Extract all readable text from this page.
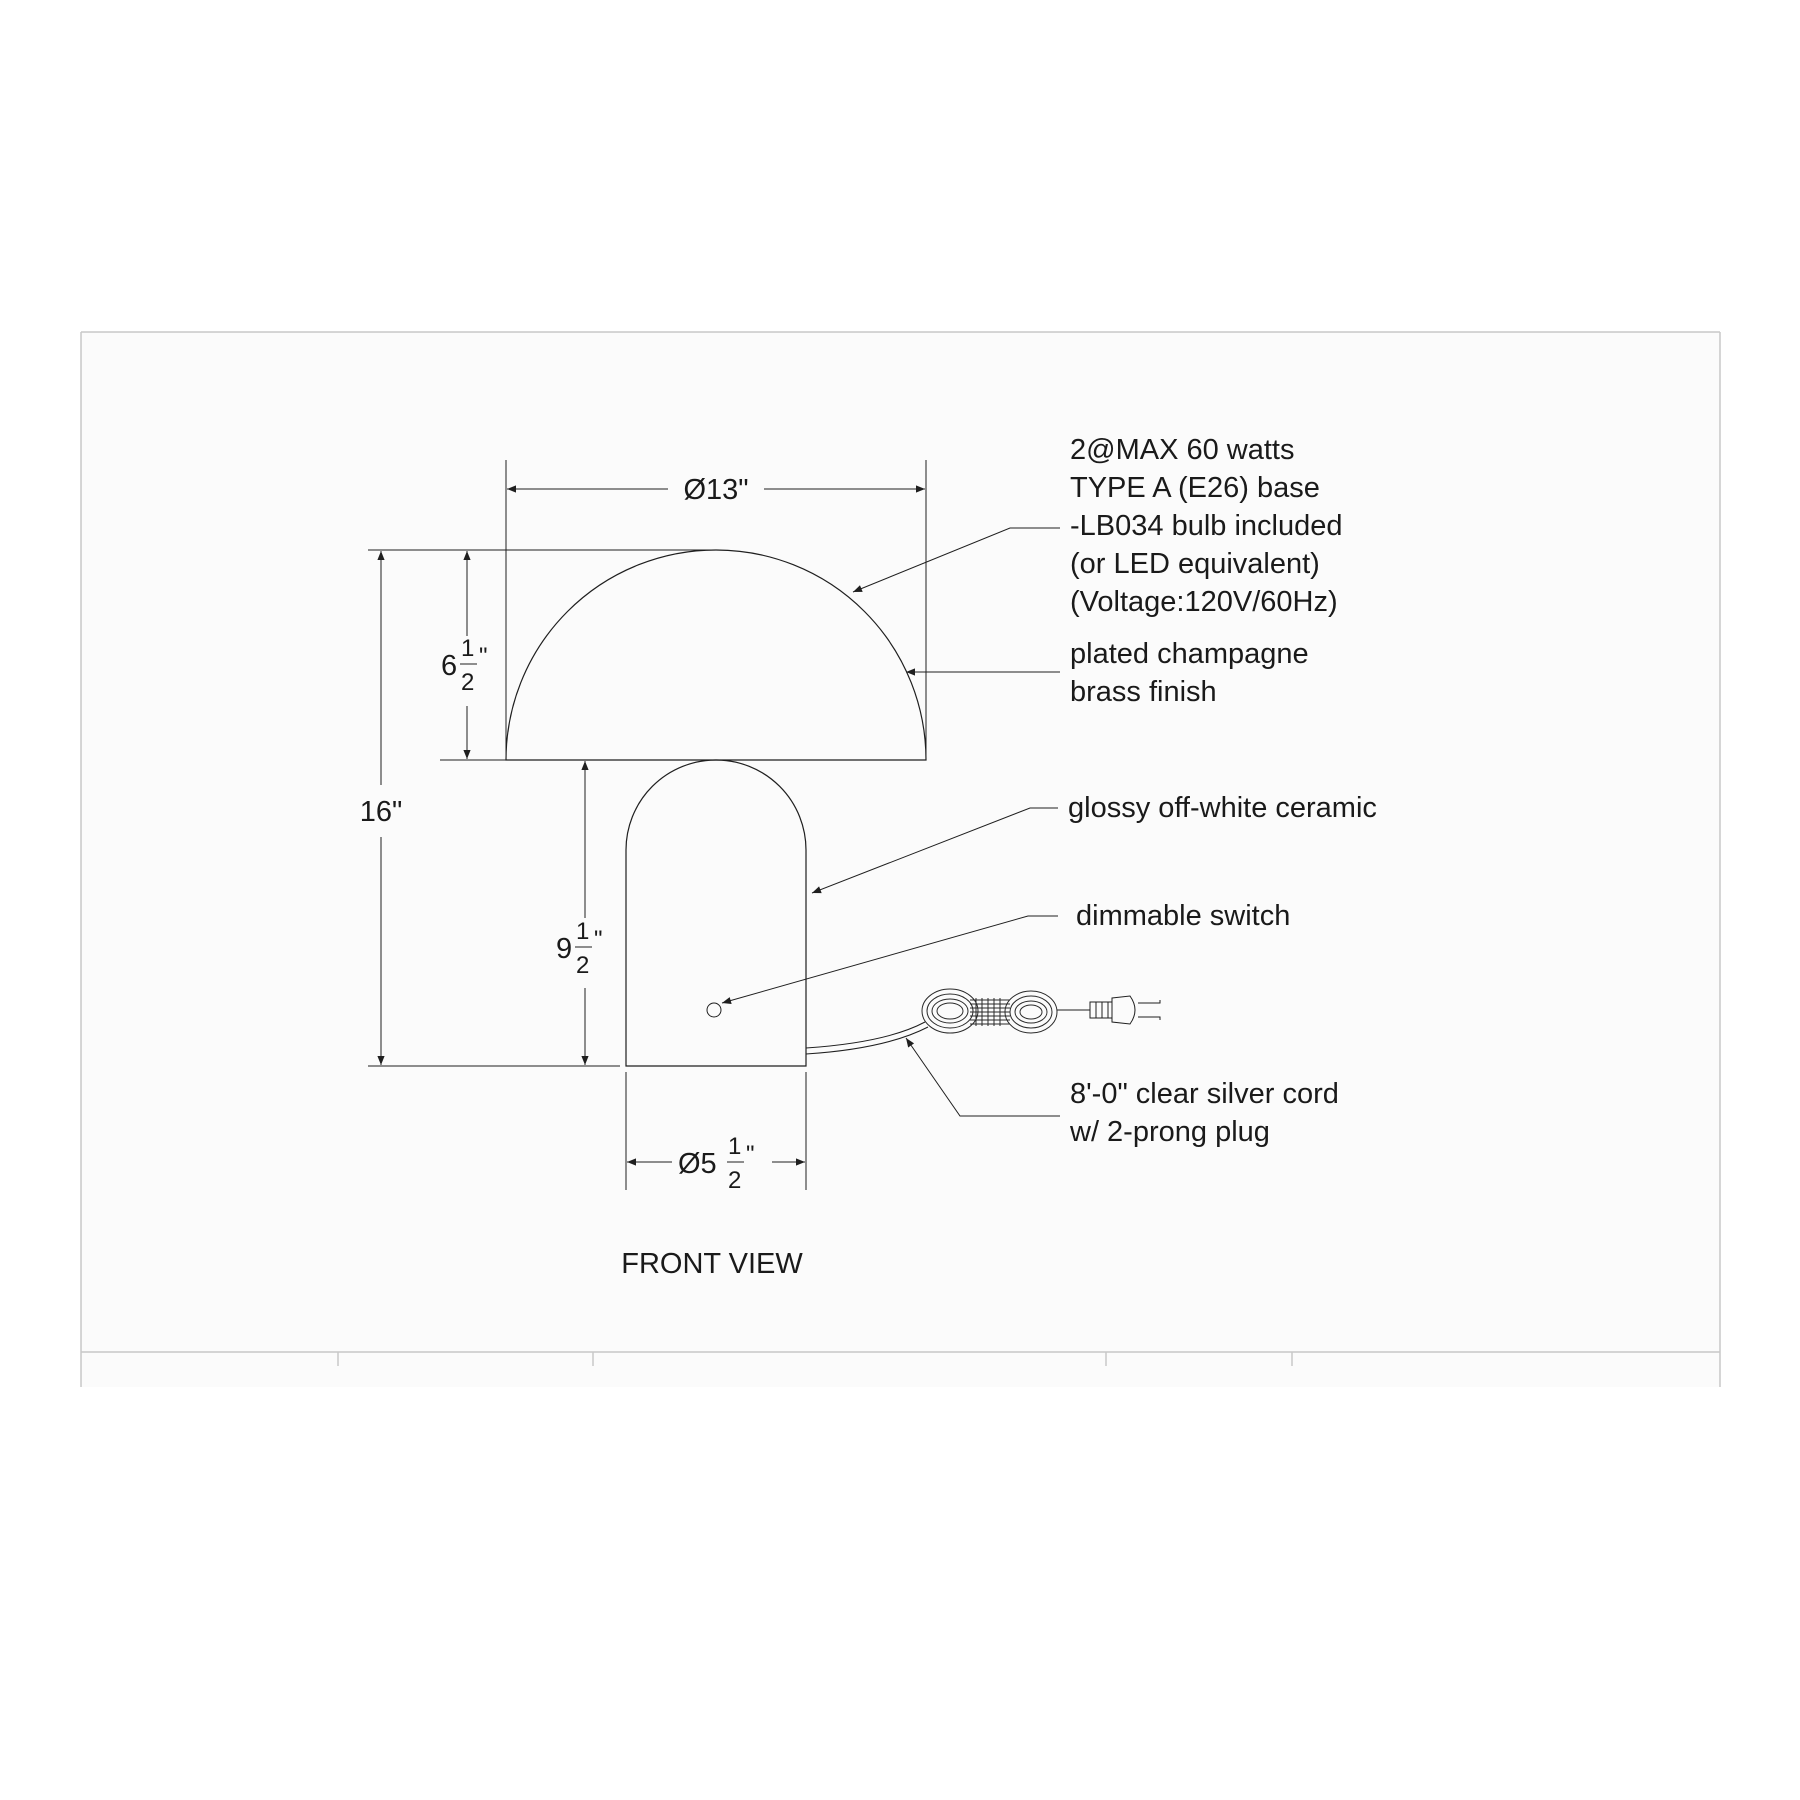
Ø13"
16"
6
1
2
"
9
1
2
"
Ø5
1
2
"
2@MAX 60 watts
TYPE A (E26) base
-LB034 bulb included
(or LED equivalent)
(Voltage:120V/60Hz)
plated champagne
brass finish
glossy off-white ceramic
dimmable switch
8'-0" clear silver cord
w/ 2-prong plug
FRONT VIEW
